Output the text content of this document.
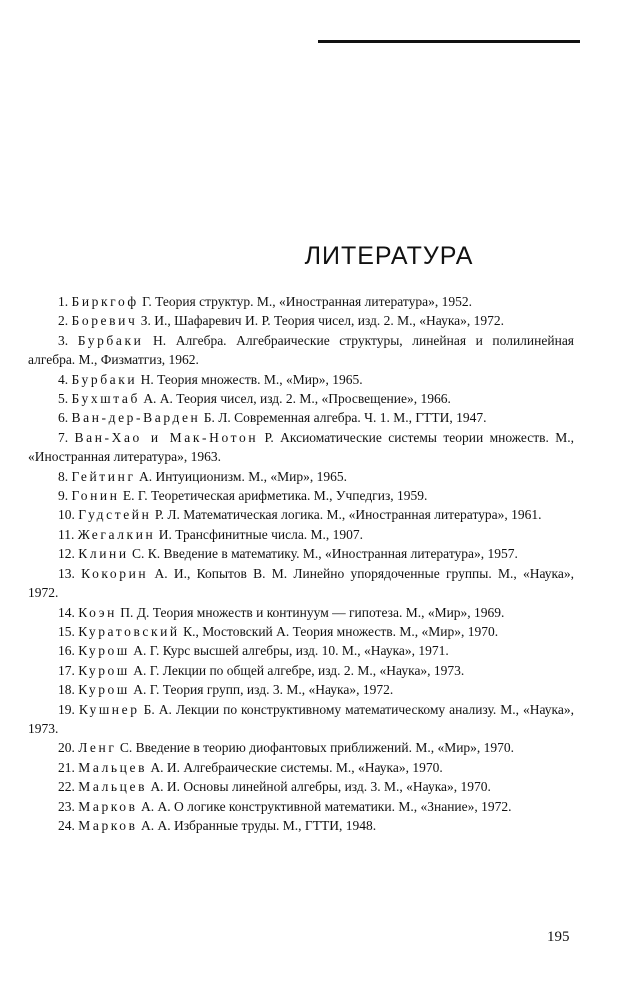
ЛИТЕРАТУРА

1. Биркгоф Г. Теория структур. М., «Иностранная литература», 1952.

2. Боревич З. И., Шафаревич И. Р. Теория чисел, изд. 2. М., «Наука», 1972.

3. Бурбаки Н. Алгебра. Алгебраические структуры, линейная и полилинейная алгебра. М., Физматгиз, 1962.

4. Бурбаки Н. Теория множеств. М., «Мир», 1965.

5. Бухштаб А. А. Теория чисел, изд. 2. М., «Просвещение», 1966.

6. Ван-дер-Варден Б. Л. Современная алгебра. Ч. 1. М., ГТТИ, 1947.

7. Ван-Хао и Мак-Нотон Р. Аксиоматические системы теории множеств. М., «Иностранная литература», 1963.

8. Гейтинг А. Интуиционизм. М., «Мир», 1965.

9. Гонин Е. Г. Теоретическая арифметика. М., Учпедгиз, 1959.

10. Гудстейн Р. Л. Математическая логика. М., «Иностранная литература», 1961.

11. Жегалкин И. Трансфинитные числа. М., 1907.

12. Клини С. К. Введение в математику. М., «Иностранная литература», 1957.

13. Кокорин А. И., Копытов В. М. Линейно упорядоченные группы. М., «Наука», 1972.

14. Коэн П. Д. Теория множеств и континуум — гипотеза. М., «Мир», 1969.

15. Куратовский К., Мостовский А. Теория множеств. М., «Мир», 1970.

16. Курош А. Г. Курс высшей алгебры, изд. 10. М., «Наука», 1971.

17. Курош А. Г. Лекции по общей алгебре, изд. 2. М., «Наука», 1973.

18. Курош А. Г. Теория групп, изд. 3. М., «Наука», 1972.

19. Кушнер Б. А. Лекции по конструктивному математическому анализу. М., «Наука», 1973.

20. Ленг С. Введение в теорию диофантовых приближений. М., «Мир», 1970.

21. Мальцев А. И. Алгебраические системы. М., «Наука», 1970.

22. Мальцев А. И. Основы линейной алгебры, изд. 3. М., «Наука», 1970.

23. Марков А. А. О логике конструктивной математики. М., «Знание», 1972.

24. Марков А. А. Избранные труды. М., ГТТИ, 1948.

195
